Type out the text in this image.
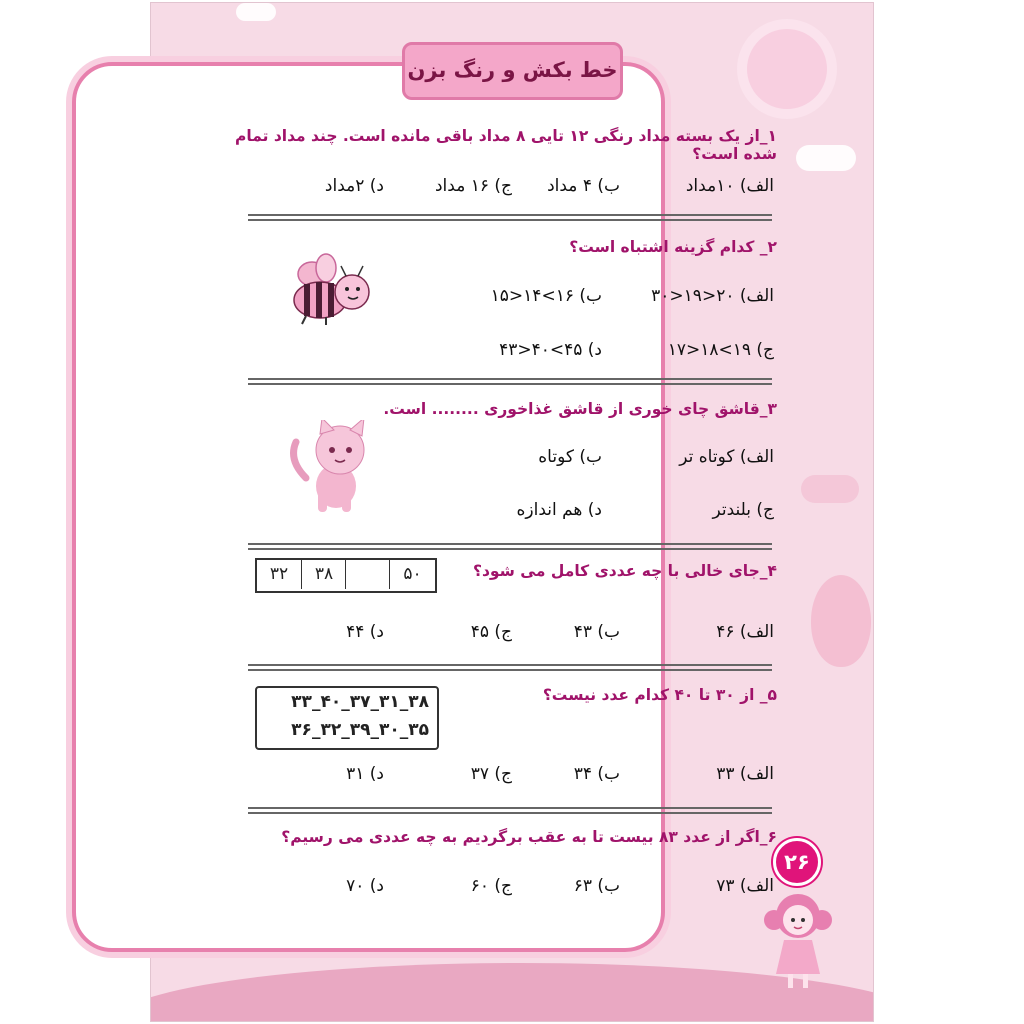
خط بکش و رنگ بزن
۱_از یک بسته مداد رنگی ۱۲ تایی ۸ مداد باقی مانده است. چند مداد تمام شده است؟
الف) ۱۰مداد
ب) ۴ مداد
ج) ۱۶ مداد
د) ۲مداد
۲_ کدام گزینه اشتباه است؟
الف) ۲۰<۱۹<۳۰
ب) ۱۶>۱۴<۱۵
ج) ۱۹>۱۸<۱۷
د) ۴۵>۴۰<۴۳
۳_قاشق چای خوری از قاشق غذاخوری ........ است.
الف) کوتاه تر
ب) کوتاه
ج) بلندتر
د) هم اندازه
۴_جای خالی با چه عددی کامل می شود؟
۵۰
۳۸
۳۲
الف) ۴۶
ب) ۴۳
ج) ۴۵
د) ۴۴
۵_ از ۳۰ تا ۴۰ کدام عدد نیست؟
۳۸_۳۱_۳۷_۴۰_۳۳
۳۵_۳۰_۳۹_۳۲_۳۶
الف) ۳۳
ب) ۳۴
ج) ۳۷
د) ۳۱
۶_اگر از عدد ۸۳ بیست تا به عقب برگردیم به چه عددی می رسیم؟
الف) ۷۳
ب) ۶۳
ج) ۶۰
د) ۷۰
۲۶
